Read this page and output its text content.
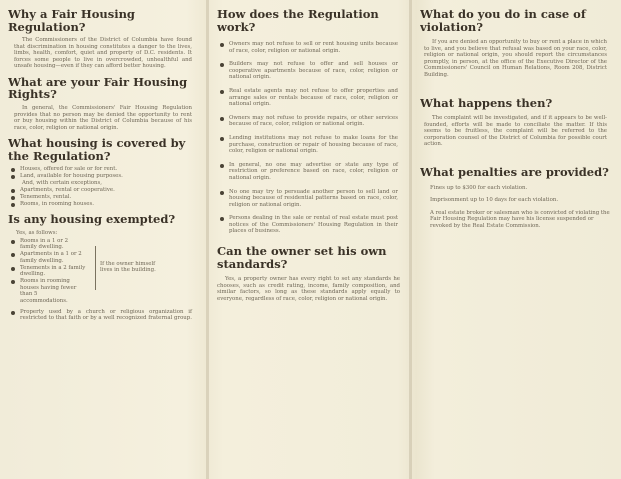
Why a Fair Housing Regulation?

The Commissioners of the District of Columbia have found that discrimination in housing constitutes a danger to the lives, limbs, health, comfort, quiet and property of D.C. residents. It forces some people to live in overcrowded, unhealthful and unsafe housing—even if they can afford better housing.

What are your Fair Housing Rights?

In general, the Commissioners' Fair Housing Regulation provides that no person may be denied the opportunity to rent or buy housing within the District of Columbia because of his race, color, religion or national origin.

What housing is covered by the Regulation?
Houses, offered for sale or for rent.
Land, available for housing purposes.

And, with certain exceptions,

Apartments, rental or cooperative.
Tenements, rental.
Rooms, in rooming houses.
Is any housing exempted?

Yes, as follows:

Rooms in a 1 or 2 family dwelling.
Apartments in a 1 or 2 family dwelling.
Tenements in a 2 family dwelling.
Rooms in rooming houses having fewer than 5 accommodations.
If the owner himself lives in the building.
Property used by a church or religious organization if restricted to that faith or by a well recognized fraternal group.
How does the Regulation work?
Owners may not refuse to sell or rent housing units because of race, color, religion or national origin.
Builders may not refuse to offer and sell houses or cooperative apartments because of race, color, religion or national origin.
Real estate agents may not refuse to offer properties and arrange sales or rentals because of race, color, religion or national origin.
Owners may not refuse to provide repairs, or other services because of race, color, religion or national origin.
Lending institutions may not refuse to make loans for the purchase, construction or repair of housing because of race, color, religion or national origin.
In general, no one may advertise or state any type of restriction or preference based on race, color, religion or national origin.
No one may try to persuade another person to sell land or housing because of residential patterns based on race, color, religion or national origin.
Persons dealing in the sale or rental of real estate must post notices of the Commissioners' Housing Regulation in their places of business.
Can the owner set his own standards?

Yes, a property owner has every right to set any standards he chooses, such as credit rating, income, family composition, and similar factors, so long as these standards apply equally to everyone, regardless of race, color, religion or national origin.

What do you do in case of violation?

If you are denied an opportunity to buy or rent a place in which to live, and you believe that refusal was based on your race, color, religion or national origin, you should report the circumstances promptly, in person, at the office of the Executive Director of the Commissioners' Council on Human Relations, Room 208, District Building.

What happens then?

The complaint will be investigated, and if it appears to be well-founded, efforts will be made to conciliate the matter. If this seems to be fruitless, the complaint will be referred to the corporation counsel of the District of Columbia for possible court action.

What penalties are provided?

Fines up to $300 for each violation.

Imprisonment up to 10 days for each violation.

A real estate broker or salesman who is convicted of violating the Fair Housing Regulation may have his license suspended or revoked by the Real Estate Commission.
